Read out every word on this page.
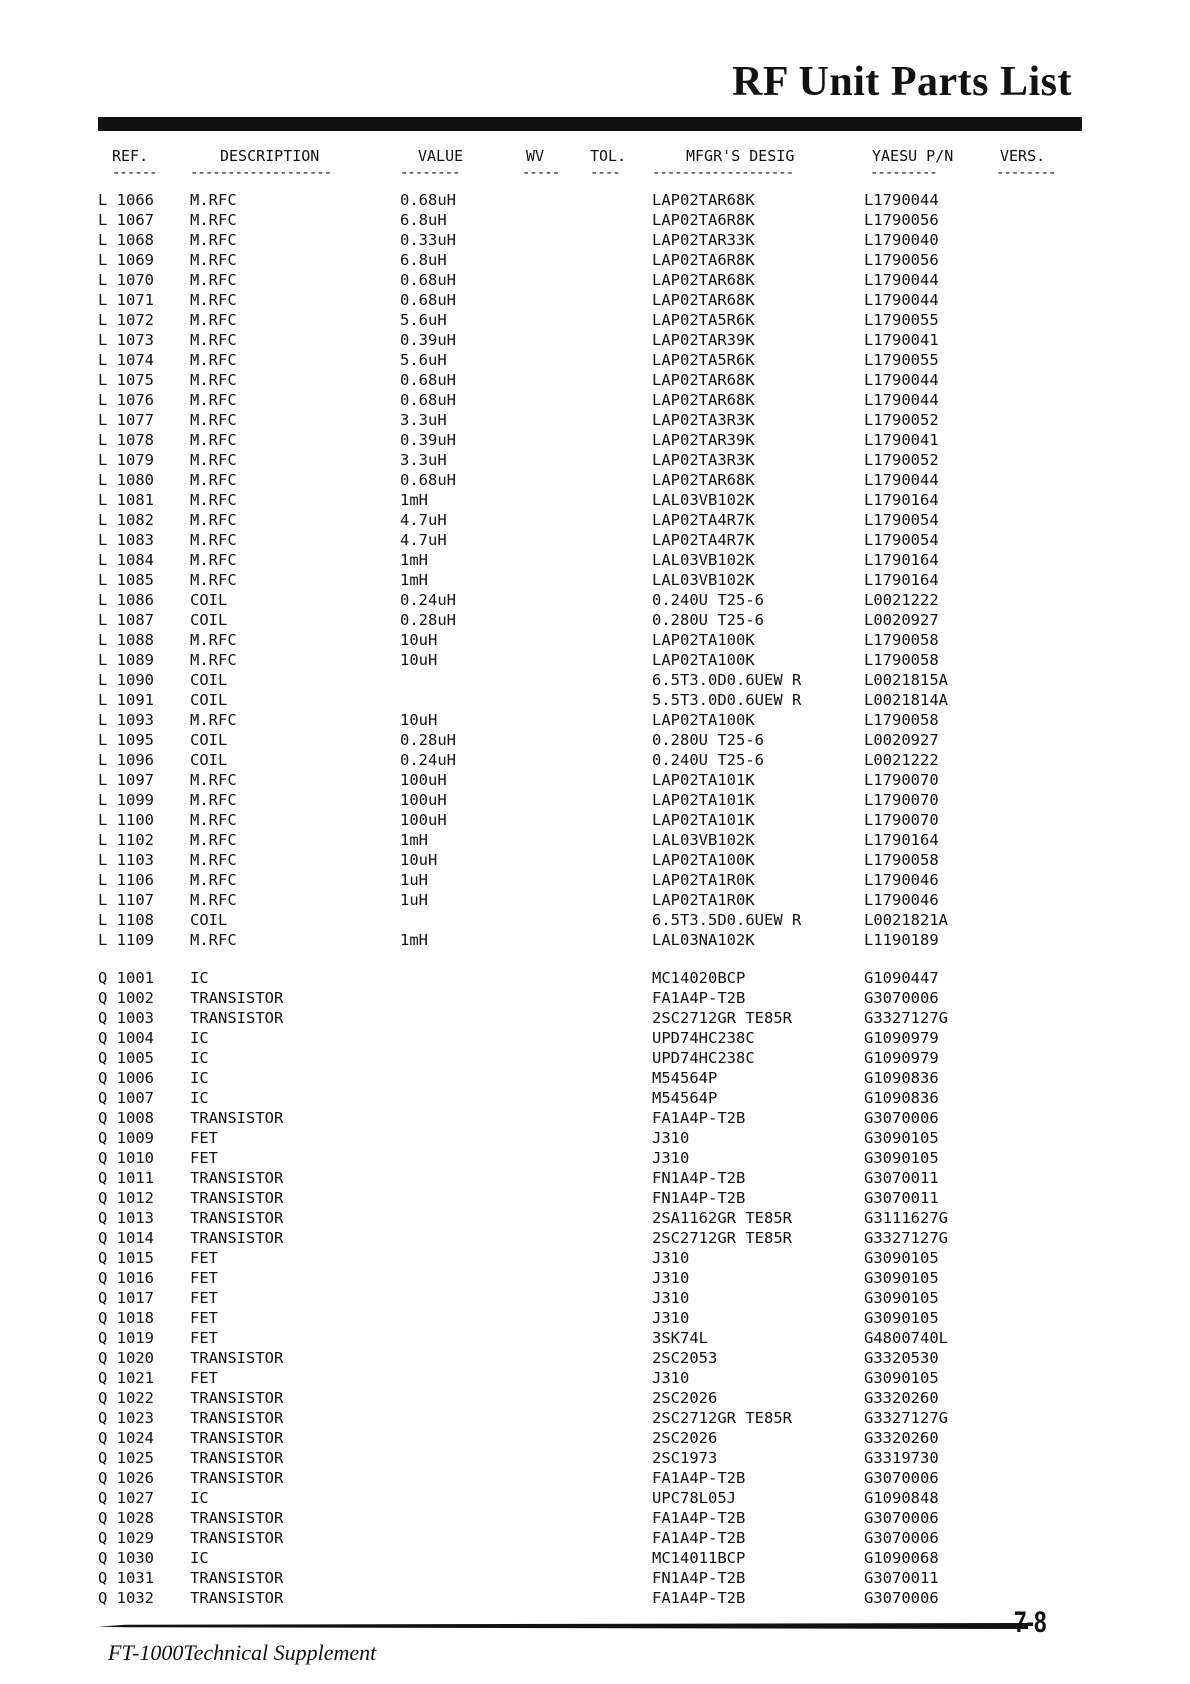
RF Unit Parts List
REF.	DESCRIPTION	VALUE	WV	TOL.	MFGR'S DESIG	YAESU P/N	VERS.
------ -------------------	--------	----- ---- -------------------	---------	--------
L 1066 M.RFC	0.68uH	LAP02TAR68K	L1790044
L 1067 M.RFC	6.8uH	LAP02TA6R8K	L1790056
L 1068 M.RFC	0.33uH	LAP02TAR33K	L1790040
L 1069 M.RFC	6.8uH	LAP02TA6R8K	L1790056
L 1070 M.RFC	0.68uH	LAP02TAR68K	L1790044
L 1071 M.RFC	0.68uH	LAP02TAR68K	L1790044
L 1072 M.RFC	5.6uH	LAP02TA5R6K	L1790055
L 1073 M.RFC	0.39uH	LAP02TAR39K	L1790041
L 1074 M.RFC	5.6uH	LAP02TA5R6K	L1790055
L 1075 M.RFC	0.68uH	LAP02TAR68K	L1790044
L 1076 M.RFC	0.68uH	LAP02TAR68K	L1790044
L 1077 M.RFC	3.3uH	LAP02TA3R3K	L1790052
L 1078 M.RFC	0.39uH	LAP02TAR39K	L1790041
L 1079 M.RFC	3.3uH	LAP02TA3R3K	L1790052
L 1080 M.RFC	0.68uH	LAP02TAR68K	L1790044
L 1081 M.RFC	1mH	LAL03VB102K	L1790164
L 1082 M.RFC	4.7uH	LAP02TA4R7K	L1790054
L 1083 M.RFC	4.7uH	LAP02TA4R7K	L1790054
L 1084 M.RFC	1mH	LAL03VB102K	L1790164
L 1085 M.RFC	1mH	LAL03VB102K	L1790164
L 1086 COIL	0.24uH	0.240U T25-6	L0021222
L 1087 COIL	0.28uH	0.280U T25-6	L0020927
L 1088 M.RFC	10uH	LAP02TA100K	L1790058
L 1089 M.RFC	10uH	LAP02TA100K	L1790058
L 1090 COIL	6.5T3.0D0.6UEW R	L0021815A
L 1091 COIL	5.5T3.0D0.6UEW R	L0021814A
L 1093 M.RFC	10uH	LAP02TA100K	L1790058
L 1095 COIL	0.28uH	0.280U T25-6	L0020927
L 1096 COIL	0.24uH	0.240U T25-6	L0021222
L 1097 M.RFC	100uH	LAP02TA101K	L1790070
L 1099 M.RFC	100uH	LAP02TA101K	L1790070
L 1100 M.RFC	100uH	LAP02TA101K	L1790070
L 1102 M.RFC	1mH	LAL03VB102K	L1790164
L 1103 M.RFC	10uH	LAP02TA100K	L1790058
L 1106 M.RFC	1uH	LAP02TA1R0K	L1790046
L 1107 M.RFC	1uH	LAP02TA1R0K	L1790046
L 1108 COIL	6.5T3.5D0.6UEW R	L0021821A
L 1109 M.RFC	1mH	LAL03NA102K	L1190189
Q 1001 IC	MC14020BCP	G1090447
Q 1002 TRANSISTOR	FA1A4P-T2B	G3070006
Q 1003 TRANSISTOR	2SC2712GR TE85R	G3327127G
Q 1004 IC	UPD74HC238C	G1090979
Q 1005 IC	UPD74HC238C	G1090979
Q 1006 IC	M54564P	G1090836
Q 1007 IC	M54564P	G1090836
Q 1008 TRANSISTOR	FA1A4P-T2B	G3070006
Q 1009 FET	J310	G3090105
Q 1010 FET	J310	G3090105
Q 1011 TRANSISTOR	FN1A4P-T2B	G3070011
Q 1012 TRANSISTOR	FN1A4P-T2B	G3070011
Q 1013 TRANSISTOR	2SA1162GR TE85R	G3111627G
Q 1014 TRANSISTOR	2SC2712GR TE85R	G3327127G
Q 1015 FET	J310	G3090105
Q 1016 FET	J310	G3090105
Q 1017 FET	J310	G3090105
Q 1018 FET	J310	G3090105
Q 1019 FET	3SK74L	G4800740L
Q 1020 TRANSISTOR	2SC2053	G3320530
Q 1021 FET	J310	G3090105
Q 1022 TRANSISTOR	2SC2026	G3320260
Q 1023 TRANSISTOR	2SC2712GR TE85R	G3327127G
Q 1024 TRANSISTOR	2SC2026	G3320260
Q 1025 TRANSISTOR	2SC1973	G3319730
Q 1026 TRANSISTOR	FA1A4P-T2B	G3070006
Q 1027 IC	UPC78L05J	G1090848
Q 1028 TRANSISTOR	FA1A4P-T2B	G3070006
Q 1029 TRANSISTOR	FA1A4P-T2B	G3070006
Q 1030 IC	MC14011BCP	G1090068
Q 1031 TRANSISTOR	FN1A4P-T2B	G3070011
Q 1032 TRANSISTOR	FA1A4P-T2B	G3070006
7-8
FT-1000Technical Supplement
